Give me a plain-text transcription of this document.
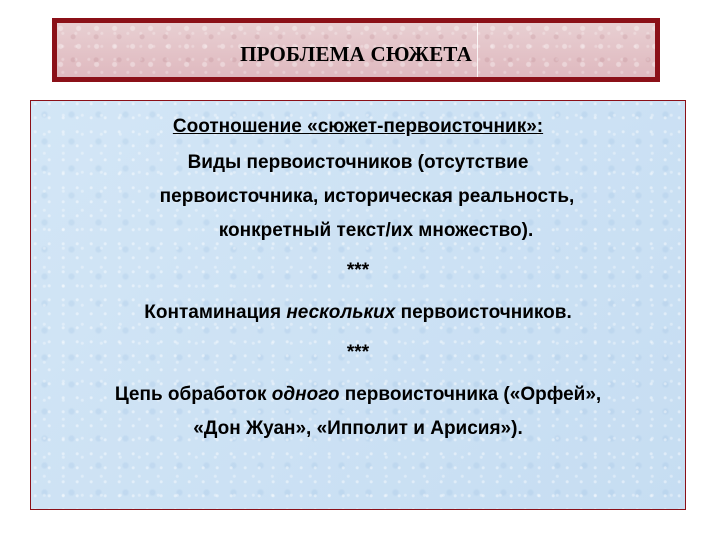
ПРОБЛЕМА СЮЖЕТА
Соотношение «сюжет-первоисточник»:
Виды первоисточников (отсутствие
первоисточника, историческая реальность,
конкретный текст/их множество).
***
Контаминация нескольких первоисточников.
***
Цепь обработок одного первоисточника («Орфей»,
«Дон Жуан», «Ипполит и Арисия»).
